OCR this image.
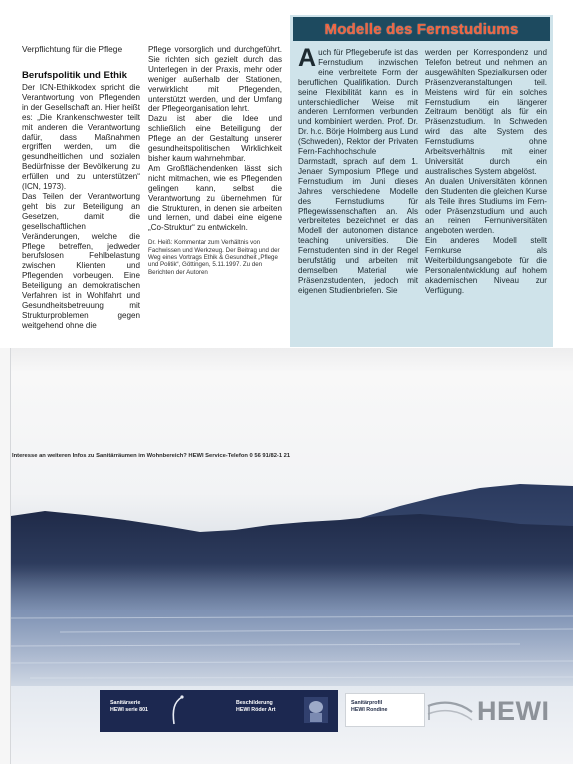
Verpflichtung für die Pflege
Berufspolitik und Ethik

Der ICN-Ethikkodex spricht die Verantwortung von Pflegenden in der Gesellschaft an. Hier heißt es: „Die Krankenschwester teilt mit anderen die Verantwortung dafür, dass Maßnahmen ergriffen werden, um die gesundheitlichen und sozialen Bedürfnisse der Bevölkerung zu erfüllen und zu unterstützen“ (ICN, 1973).

Das Teilen der Verantwortung geht bis zur Beteiligung an Gesetzen, damit die gesellschaftlichen Veränderungen, welche die Pflege betreffen, jedweder berufslosen Fehlbelastung zwischen Klienten und Pflegenden vorbeugen. Eine Beteiligung an demokratischen Verfahren ist in Wohlfahrt und Gesundheitsbetreuung mit Strukturproblemen gegen weitgehend ohne die

Pflege vorsorglich und durchgeführt. Sie richten sich gezielt durch das Unterlegen in der Praxis, mehr oder weniger außerhalb der Stationen, verwirklicht mit Pflegenden, unterstützt werden, und der Umfang der Pflegeorganisation lehrt.

Dazu ist aber die Idee und schließlich eine Beteiligung der Pflege an der Gestaltung unserer gesundheitspolitischen Wirklichkeit bisher kaum wahrnehmbar.

Am Großflächendenken lässt sich nicht mitmachen, wie es Pflegenden gelingen kann, selbst die Verantwortung zu übernehmen für die Strukturen, in denen sie arbeiten und lernen, und dabei eine eigene „Co-Struktur“ zu entwickeln.

Dr. Heiß: Kommentar zum Verhältnis von Fachwissen und Werkzeug. Der Beitrag und der Weg eines Vortrags Ethik & Gesundheit „Pflege und Politik“, Göttingen, 5.11.1997. Zu den Berichten der Autoren

Modelle des Fernstudiums

Auch für Pflegeberufe ist das Fernstudium inzwischen eine verbreitete Form der beruflichen Qualifikation. Durch seine Flexibilität kann es in unterschiedlicher Weise mit anderen Lernformen verbunden und kombiniert werden. Prof. Dr. Dr. h.c. Börje Holmberg aus Lund (Schweden), Rektor der Privaten Fern-Fachhochschule Darmstadt, sprach auf dem 1. Jenaer Symposium Pflege und Fernstudium im Juni dieses Jahres verschiedene Modelle des Fernstudiums für Pflegewissenschaften an. Als verbreitetes bezeichnet er das Modell der autonomen distance teaching universities. Die Fernstudenten sind in der Regel berufstätig und arbeiten mit demselben Material wie Präsenzstudenten, jedoch mit eigenen Studienbriefen. Sie

werden per Korrespondenz und Telefon betreut und nehmen an ausgewählten Spezialkursen oder Präsenzveranstaltungen teil. Meistens wird für ein solches Fernstudium ein längerer Zeitraum benötigt als für ein Präsenzstudium. In Schweden wird das alte System des Fernstudiums ohne Arbeitsverhältnis mit einer Universität durch ein australisches System abgelöst.

An dualen Universitäten können den Studenten die gleichen Kurse als Teile ihres Studiums im Fern- oder Präsenzstudium und auch an reinen Fernuniversitäten angeboten werden.

Ein anderes Modell stellt Fernkurse als Weiterbildungsangebote für die Personalentwicklung auf hohem akademischen Niveau zur Verfügung.

Interesse an weiteren Infos zu Sanitärräumen im Wohnbereich? HEWI Service-Telefon 0 56 91/82-1 21
Sanitärserie
HEWI serie 801
Beschilderung
HEWI Röder Art
Sanitärprofil
HEWI Rondine	HEWI
